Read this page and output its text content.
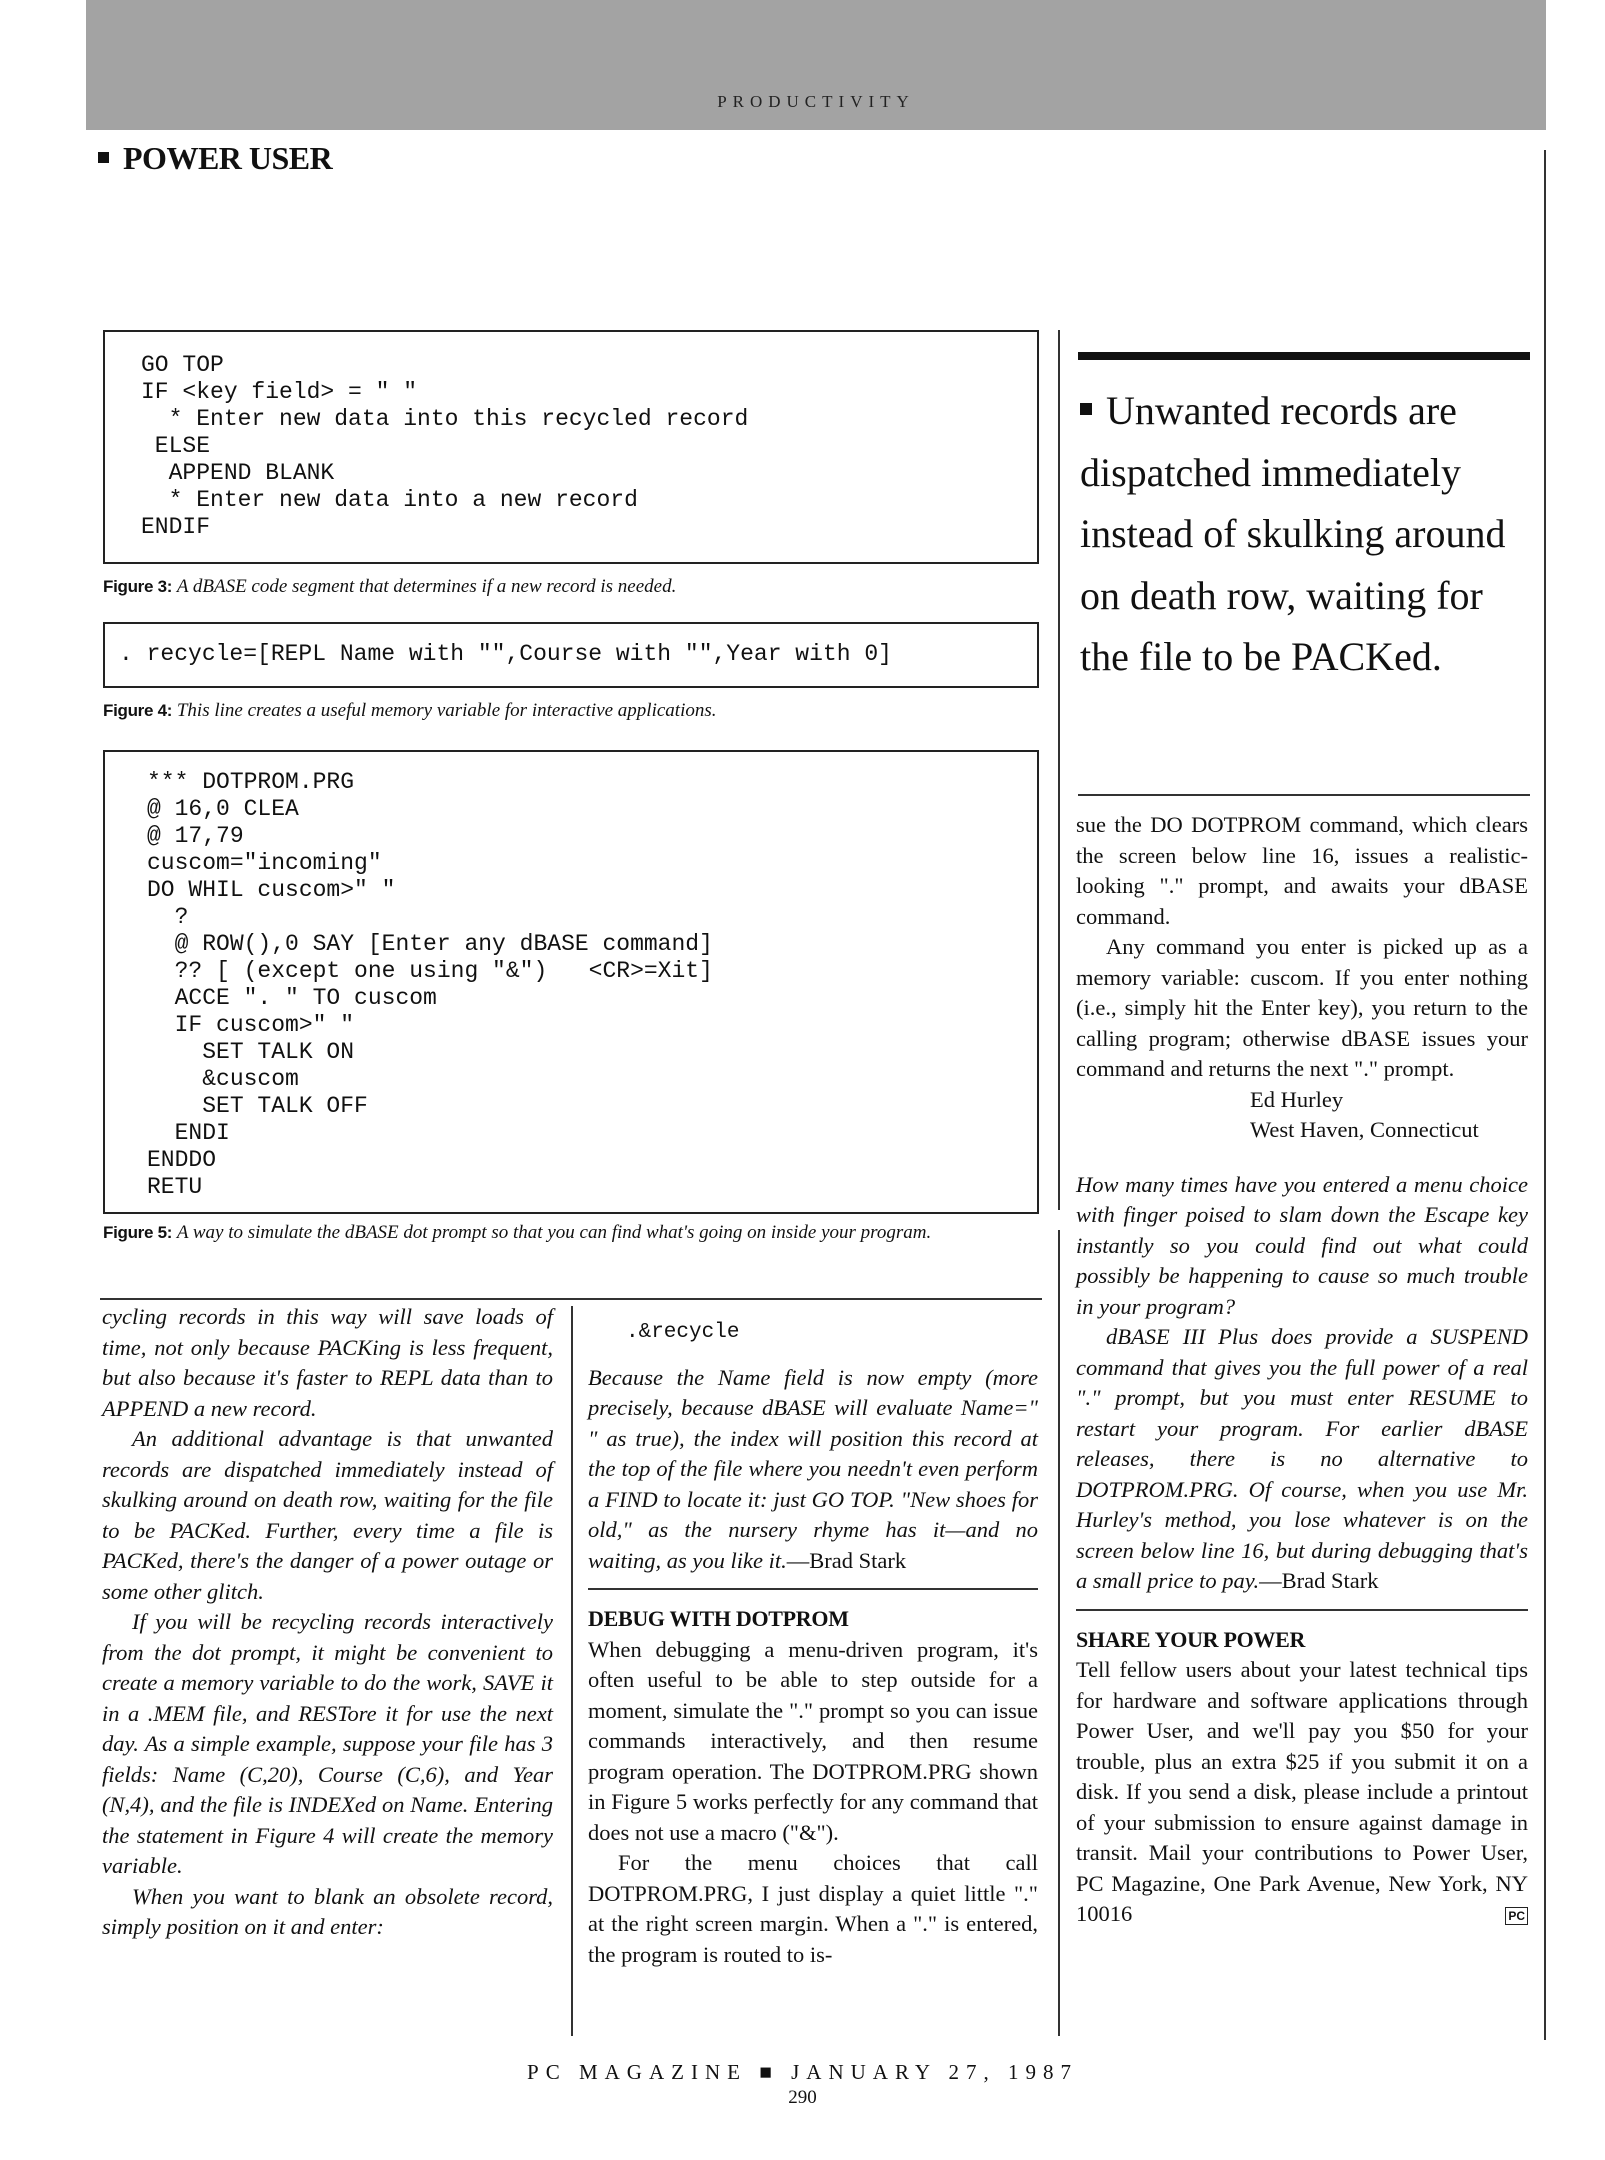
PRODUCTIVITY
POWER USER
GO TOP
IF <key field> = " "
* Enter new data into this recycled record
ELSE
APPEND BLANK
* Enter new data into a new record
ENDIF
Figure 3: A dBASE code segment that determines if a new record is needed.
. recycle=[REPL Name with "",Course with "",Year with 0]
Figure 4: This line creates a useful memory variable for interactive applications.
*** DOTPROM.PRG
@ 16,0 CLEA
@ 17,79
cuscom="incoming"
DO WHIL cuscom>" "
?
@ ROW(),0 SAY [Enter any dBASE command]
?? [ (except one using "&")   <CR>=Xit]
ACCE ". " TO cuscom
IF cuscom>" "
SET TALK ON
&cuscom
SET TALK OFF
ENDI
ENDDO
RETU
Figure 5: A way to simulate the dBASE dot prompt so that you can find what's going on inside your program.
Unwanted records are dispatched immediately instead of skulking around on death row, waiting for the file to be PACKed.

cycling records in this way will save loads of time, not only because PACKing is less frequent, but also because it's faster to REPL data than to APPEND a new record.

An additional advantage is that unwanted records are dispatched immediately instead of skulking around on death row, waiting for the file to be PACKed. Further, every time a file is PACKed, there's the danger of a power outage or some other glitch.

If you will be recycling records interactively from the dot prompt, it might be convenient to create a memory variable to do the work, SAVE it in a .MEM file, and RESTore it for use the next day. As a simple example, suppose your file has 3 fields: Name (C,20), Course (C,6), and Year (N,4), and the file is INDEXed on Name. Entering the statement in Figure 4 will create the memory variable.

When you want to blank an obsolete record, simply position on it and enter:

.&recycle

Because the Name field is now empty (more precisely, because dBASE will evaluate Name=" " as true), the index will position this record at the top of the file where you needn't even perform a FIND to locate it: just GO TOP. "New shoes for old," as the nursery rhyme has it—and no waiting, as you like it.—Brad Stark

DEBUG WITH DOTPROM

When debugging a menu-driven program, it's often useful to be able to step outside for a moment, simulate the "." prompt so you can issue commands interactively, and then resume program operation. The DOTPROM.PRG shown in Figure 5 works perfectly for any command that does not use a macro ("&").

For the menu choices that call DOTPROM.PRG, I just display a quiet little "." at the right screen margin. When a "." is entered, the program is routed to is-

sue the DO DOTPROM command, which clears the screen below line 16, issues a realistic-looking "." prompt, and awaits your dBASE command.

Any command you enter is picked up as a memory variable: cuscom. If you enter nothing (i.e., simply hit the Enter key), you return to the calling program; otherwise dBASE issues your command and returns the next "." prompt.

Ed Hurley

West Haven, Connecticut

How many times have you entered a menu choice with finger poised to slam down the Escape key instantly so you could find out what could possibly be happening to cause so much trouble in your program?

dBASE III Plus does provide a SUSPEND command that gives you the full power of a real "." prompt, but you must enter RESUME to restart your program. For earlier dBASE releases, there is no alternative to DOTPROM.PRG. Of course, when you use Mr. Hurley's method, you lose whatever is on the screen below line 16, but during debugging that's a small price to pay.—Brad Stark

SHARE YOUR POWER

Tell fellow users about your latest technical tips for hardware and software applications through Power User, and we'll pay you $50 for your trouble, plus an extra $25 if you submit it on a disk. If you send a disk, please include a printout of your submission to ensure against damage in transit. Mail your contributions to Power User, PC Magazine, One Park Avenue, New York, NY 10016	PC

PC MAGAZINE ■ JANUARY 27, 1987
290
